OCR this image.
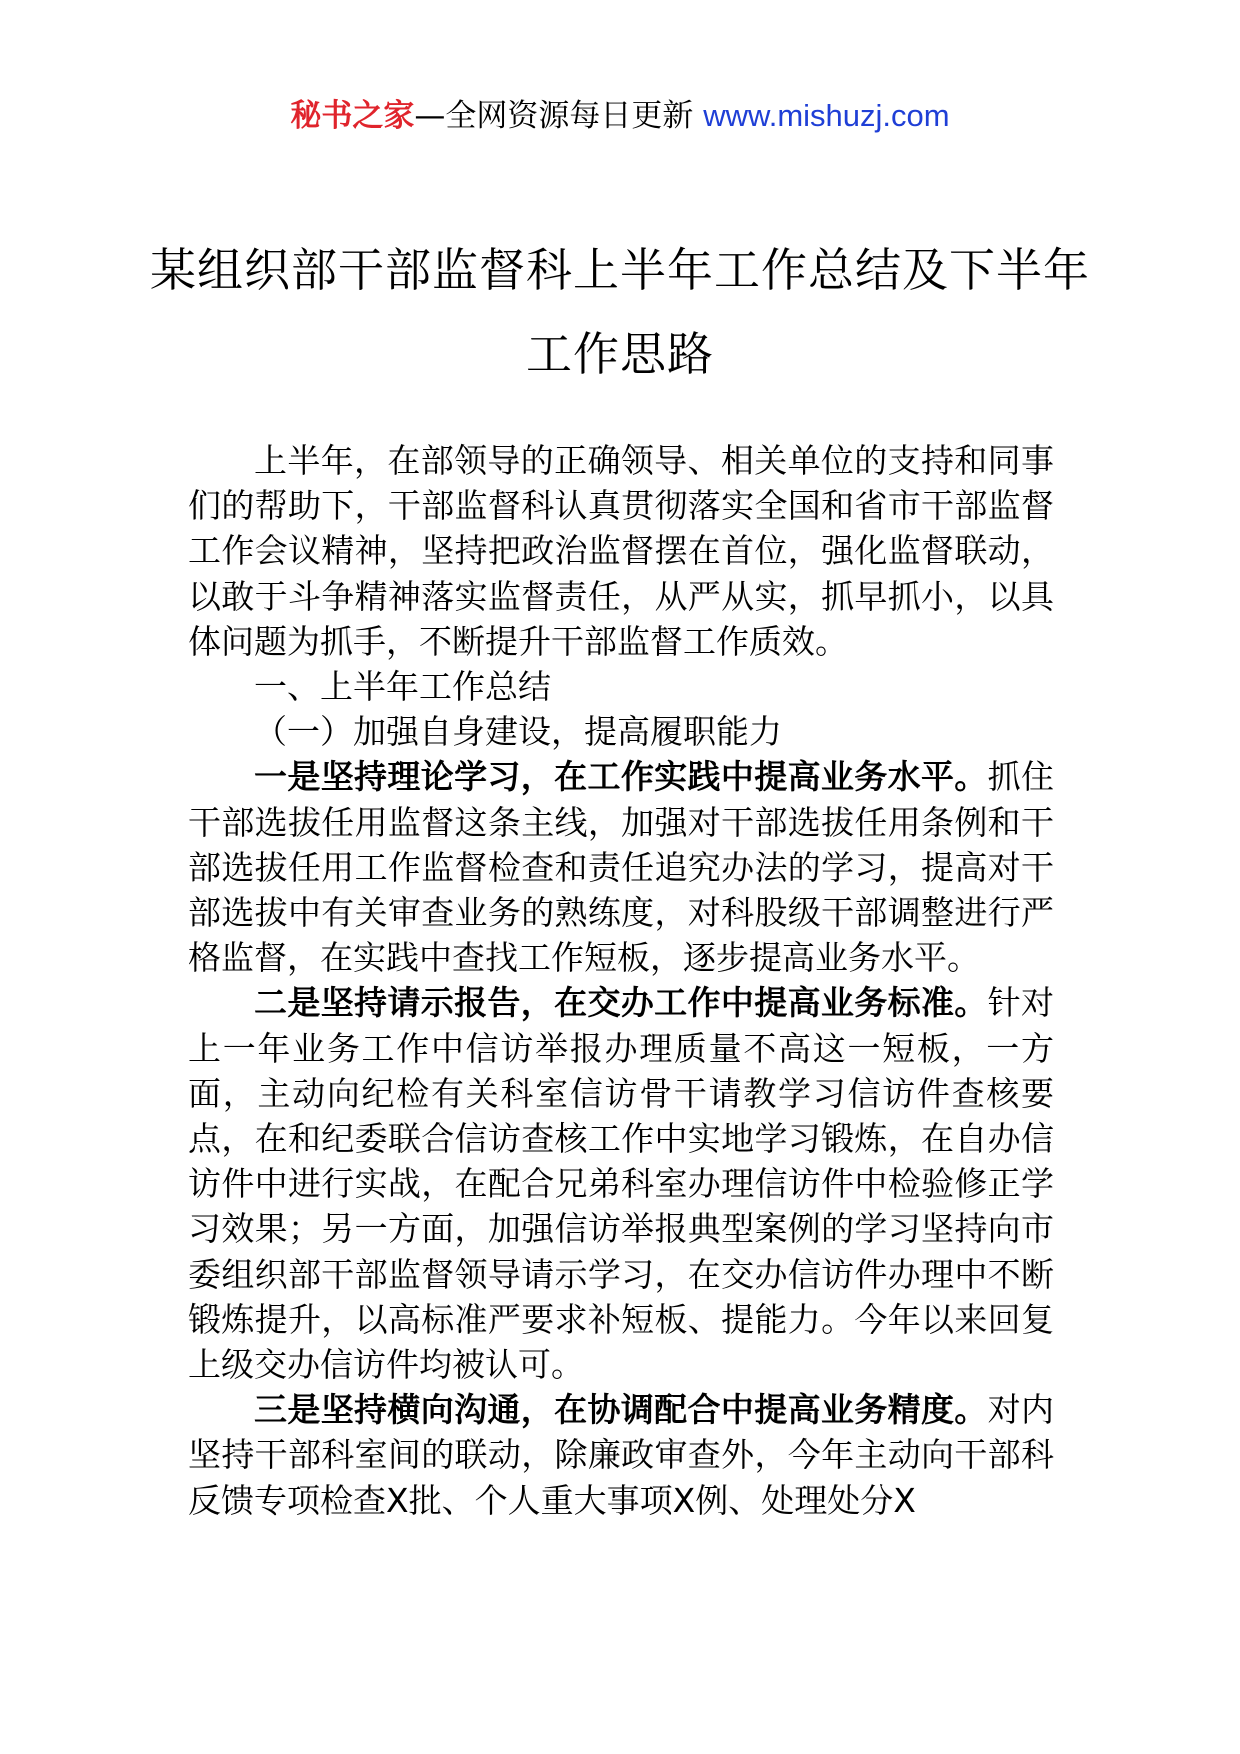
秘书之家—全网资源每日更新 www.mishuzj.com
某组织部干部监督科上半年工作总结及下半年工作思路

上半年，在部领导的正确领导、相关单位的支持和同事们的帮助下，干部监督科认真贯彻落实全国和省市干部监督工作会议精神，坚持把政治监督摆在首位，强化监督联动，以敢于斗争精神落实监督责任，从严从实，抓早抓小，以具体问题为抓手，不断提升干部监督工作质效。

一、上半年工作总结

（一）加强自身建设，提高履职能力

一是坚持理论学习，在工作实践中提高业务水平。抓住干部选拔任用监督这条主线，加强对干部选拔任用条例和干部选拔任用工作监督检查和责任追究办法的学习，提高对干部选拔中有关审查业务的熟练度，对科股级干部调整进行严格监督，在实践中查找工作短板，逐步提高业务水平。

二是坚持请示报告，在交办工作中提高业务标准。针对上一年业务工作中信访举报办理质量不高这一短板，一方面，主动向纪检有关科室信访骨干请教学习信访件查核要点，在和纪委联合信访查核工作中实地学习锻炼，在自办信访件中进行实战，在配合兄弟科室办理信访件中检验修正学习效果；另一方面，加强信访举报典型案例的学习坚持向市委组织部干部监督领导请示学习，在交办信访件办理中不断锻炼提升，以高标准严要求补短板、提能力。今年以来回复上级交办信访件均被认可。

三是坚持横向沟通，在协调配合中提高业务精度。对内坚持干部科室间的联动，除廉政审查外，今年主动向干部科反馈专项检查X批、个人重大事项X例、处理处分X
